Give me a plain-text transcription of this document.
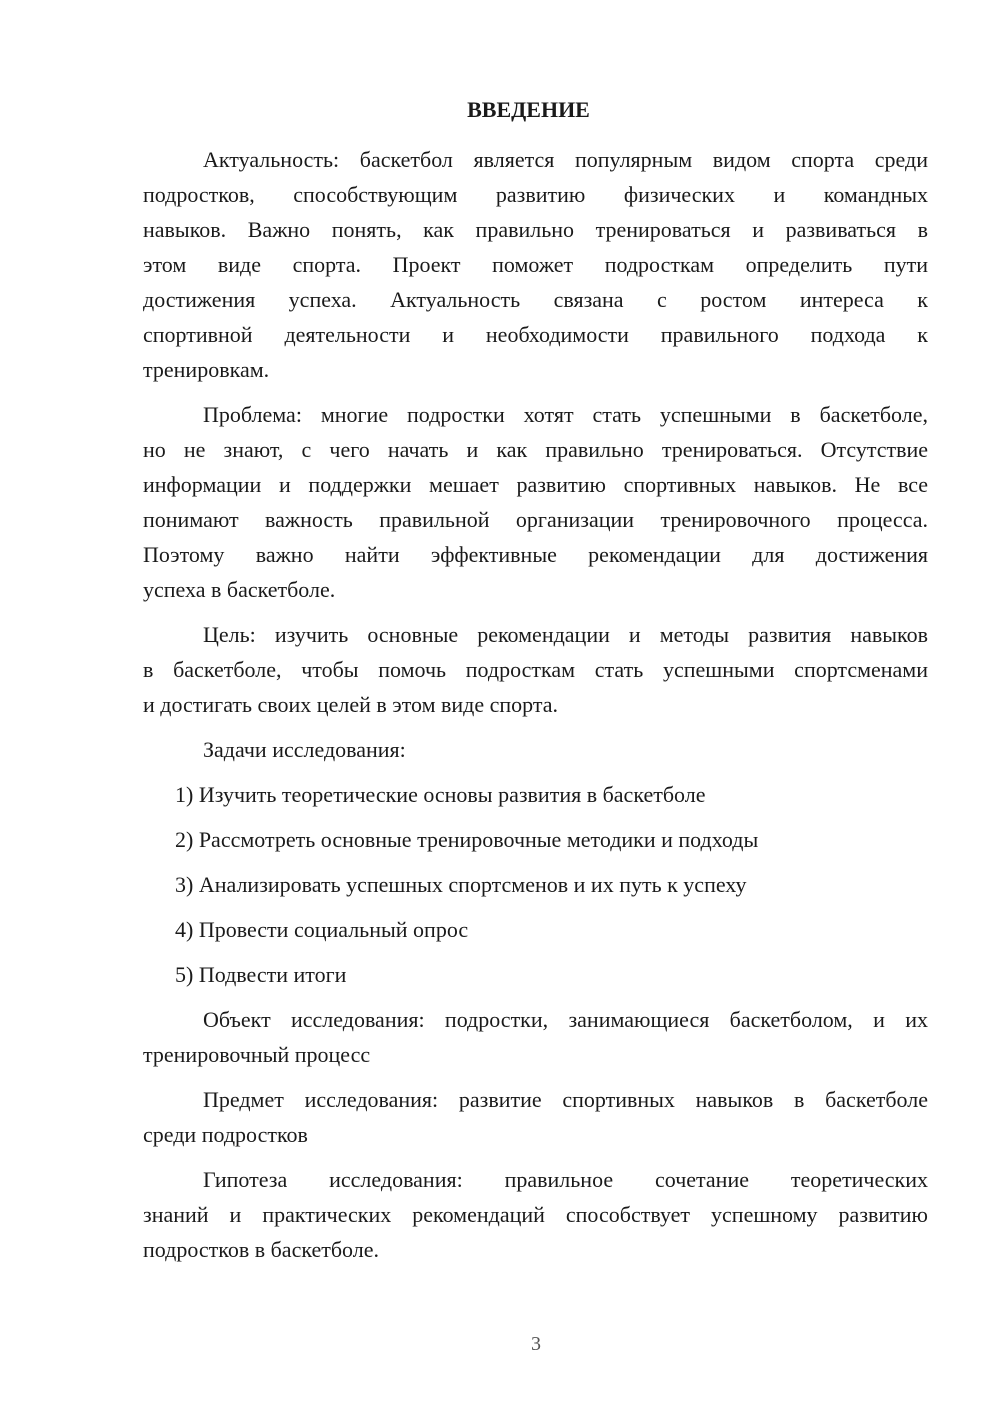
ВВЕДЕНИЕ
Актуальность: баскетбол является популярным видом спорта среди
подростков, способствующим развитию физических и командных
навыков. Важно понять, как правильно тренироваться и развиваться в
этом виде спорта. Проект поможет подросткам определить пути
достижения успеха. Актуальность связана с ростом интереса к
спортивной деятельности и необходимости правильного подхода к
тренировкам.
Проблема: многие подростки хотят стать успешными в баскетболе,
но не знают, с чего начать и как правильно тренироваться. Отсутствие
информации и поддержки мешает развитию спортивных навыков. Не все
понимают важность правильной организации тренировочного процесса.
Поэтому важно найти эффективные рекомендации для достижения
успеха в баскетболе.
Цель: изучить основные рекомендации и методы развития навыков
в баскетболе, чтобы помочь подросткам стать успешными спортсменами
и достигать своих целей в этом виде спорта.
Задачи исследования:
1) Изучить теоретические основы развития в баскетболе
2) Рассмотреть основные тренировочные методики и подходы
3) Анализировать успешных спортсменов и их путь к успеху
4) Провести социальный опрос
5) Подвести итоги
Объект исследования: подростки, занимающиеся баскетболом, и их
тренировочный процесс
Предмет исследования: развитие спортивных навыков в баскетболе
среди подростков
Гипотеза исследования: правильное сочетание теоретических
знаний и практических рекомендаций способствует успешному развитию
подростков в баскетболе.
3
